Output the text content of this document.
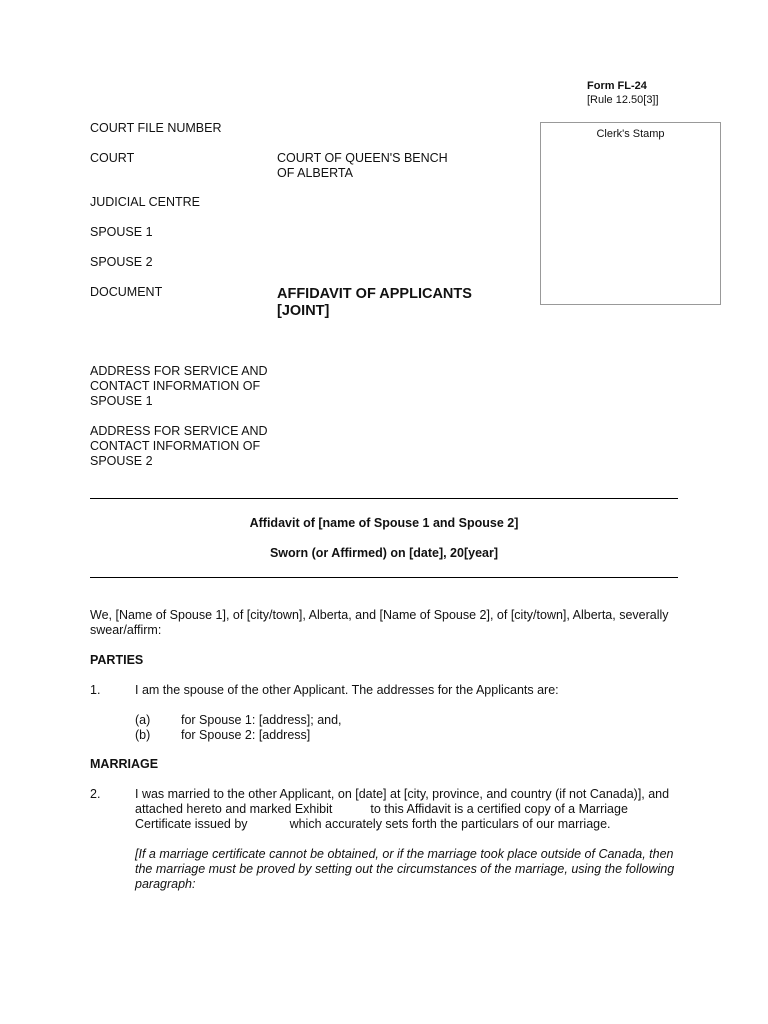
Form FL-24
[Rule 12.50[3]]
Clerk's Stamp
COURT FILE NUMBER
COURT	COURT OF QUEEN'S BENCH
OF ALBERTA
JUDICIAL CENTRE
SPOUSE 1
SPOUSE 2
DOCUMENT	AFFIDAVIT OF APPLICANTS
[JOINT]
ADDRESS FOR SERVICE AND
CONTACT INFORMATION OF
SPOUSE 1
ADDRESS FOR SERVICE AND
CONTACT INFORMATION OF
SPOUSE 2
Affidavit of [name of Spouse 1 and Spouse 2]
Sworn (or Affirmed) on [date], 20[year]
We, [Name of Spouse 1], of [city/town], Alberta, and [Name of Spouse 2], of [city/town], Alberta, severally
swear/affirm:
PARTIES
1.	I am the spouse of the other Applicant. The addresses for the Applicants are:
(a) for Spouse 1: [address]; and,
(b) for Spouse 2: [address]
MARRIAGE
2.	I was married to the other Applicant, on [date] at [city, province, and country (if not Canada)], and
attached hereto and marked Exhibit	to this Affidavit is a certified copy of a Marriage
Certificate issued by	which accurately sets forth the particulars of our marriage.
[If a marriage certificate cannot be obtained, or if the marriage took place outside of Canada, then
the marriage must be proved by setting out the circumstances of the marriage, using the following
paragraph:
